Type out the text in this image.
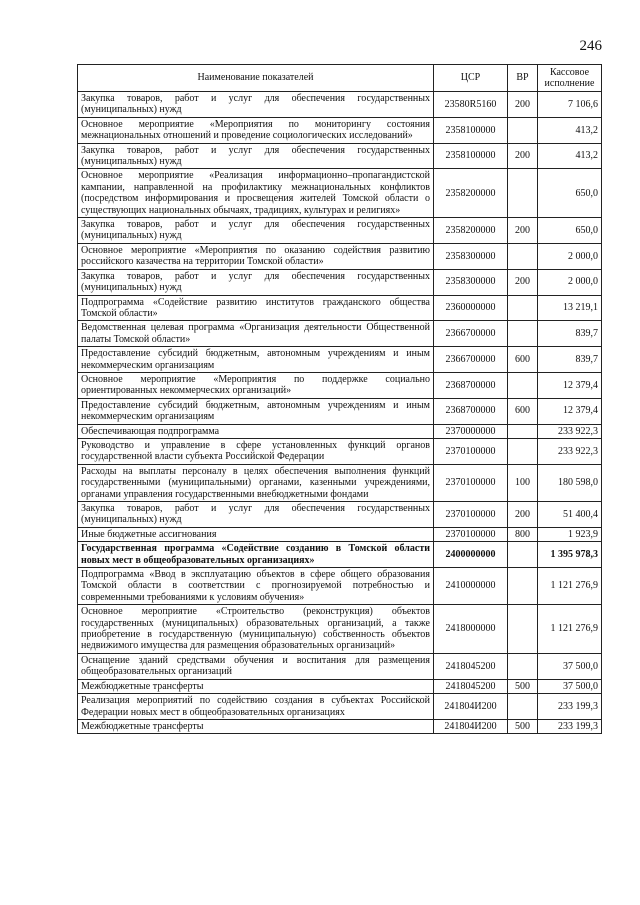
246
Наименование показателей	ЦСР	ВР	Кассовое исполнение
Закупка товаров, работ и услуг для обеспечения государственных (муниципальных) нужд	23580R5160	200	7 106,6
Основное мероприятие «Мероприятия по мониторингу состояния межнациональных отношений и проведение социологических исследований»	2358100000		413,2
Закупка товаров, работ и услуг для обеспечения государственных (муниципальных) нужд	2358100000	200	413,2
Основное мероприятие «Реализация информационно–пропагандистской кампании, направленной на профилактику межнациональных конфликтов (посредством информирования и просвещения жителей Томской области о существующих национальных обычаях, традициях, культурах и религиях»	2358200000		650,0
Закупка товаров, работ и услуг для обеспечения государственных (муниципальных) нужд	2358200000	200	650,0
Основное мероприятие «Мероприятия по оказанию содействия развитию российского казачества на территории Томской области»	2358300000		2 000,0
Закупка товаров, работ и услуг для обеспечения государственных (муниципальных) нужд	2358300000	200	2 000,0
Подпрограмма «Содействие развитию институтов гражданского общества Томской области»	2360000000		13 219,1
Ведомственная целевая программа «Организация деятельности Общественной палаты Томской области»	2366700000		839,7
Предоставление субсидий бюджетным, автономным учреждениям и иным некоммерческим организациям	2366700000	600	839,7
Основное мероприятие «Мероприятия по поддержке социально ориентированных некоммерческих организаций»	2368700000		12 379,4
Предоставление субсидий бюджетным, автономным учреждениям и иным некоммерческим организациям	2368700000	600	12 379,4
Обеспечивающая подпрограмма	2370000000		233 922,3
Руководство и управление в сфере установленных функций органов государственной власти субъекта Российской Федерации	2370100000		233 922,3
Расходы на выплаты персоналу в целях обеспечения выполнения функций государственными (муниципальными) органами, казенными учреждениями, органами управления государственными внебюджетными фондами	2370100000	100	180 598,0
Закупка товаров, работ и услуг для обеспечения государственных (муниципальных) нужд	2370100000	200	51 400,4
Иные бюджетные ассигнования	2370100000	800	1 923,9
Государственная программа «Содействие созданию в Томской области новых мест в общеобразовательных организациях»	2400000000		1 395 978,3
Подпрограмма «Ввод в эксплуатацию объектов в сфере общего образования Томской области в соответствии с прогнозируемой потребностью и современными требованиями к условиям обучения»	2410000000		1 121 276,9
Основное мероприятие «Строительство (реконструкция) объектов государственных (муниципальных) образовательных организаций, а также приобретение в государственную (муниципальную) собственность объектов недвижимого имущества для размещения образовательных организаций»	2418000000		1 121 276,9
Оснащение зданий средствами обучения и воспитания для размещения общеобразовательных организаций	2418045200		37 500,0
Межбюджетные трансферты	2418045200	500	37 500,0
Реализация мероприятий по содействию создания в субъектах Российской Федерации новых мест в общеобразовательных организациях	241804И200		233 199,3
Межбюджетные трансферты	241804И200	500	233 199,3
